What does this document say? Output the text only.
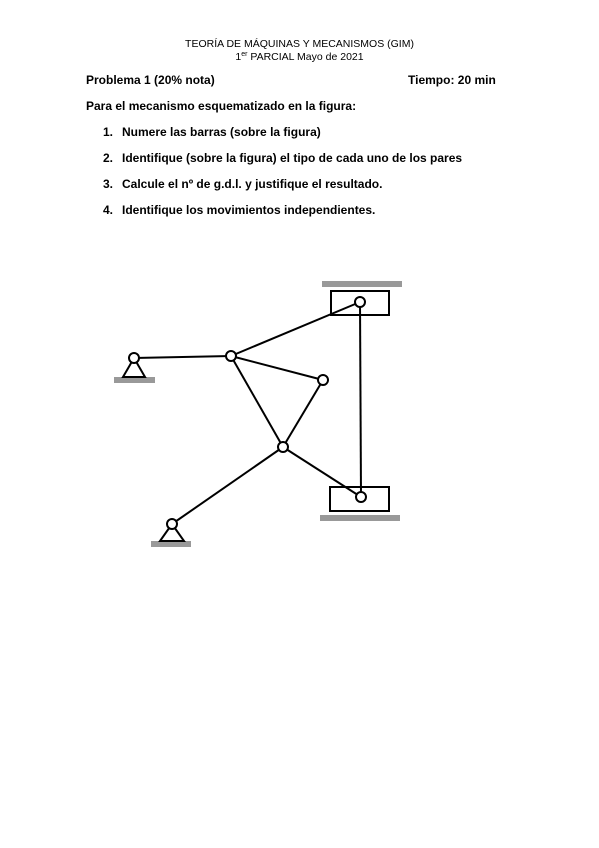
TEORÍA DE MÁQUINAS Y MECANISMOS (GIM)
1er PARCIAL Mayo de 2021
Problema 1 (20% nota)	Tiempo: 20 min
Para el mecanismo esquematizado en la figura:
1. Numere las barras (sobre la figura)
2. Identifique (sobre la figura) el tipo de cada uno de los pares
3. Calcule el nº de g.d.l. y justifique el resultado.
4. Identifique los movimientos independientes.
